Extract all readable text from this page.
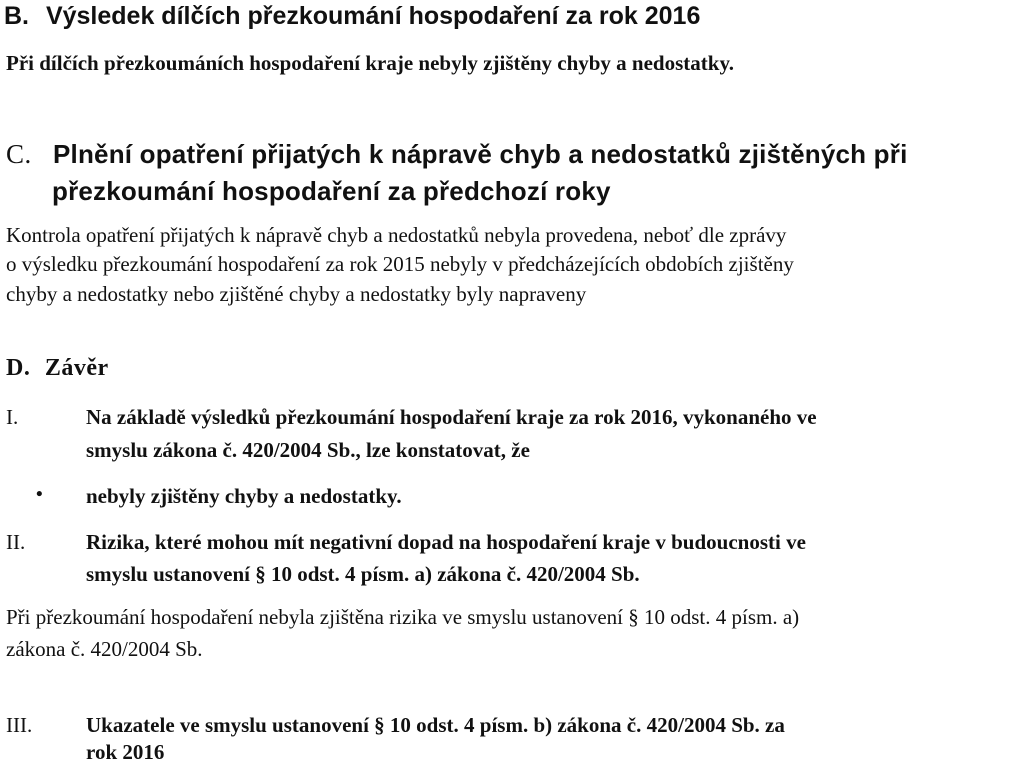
B. Výsledek dílčích přezkoumání hospodaření za rok 2016

Při dílčích přezkoumáních hospodaření kraje nebyly zjištěny chyby a nedostatky.

C. Plnění opatření přijatých k nápravě chyb a nedostatků zjištěných při

přezkoumání hospodaření za předchozí roky

Kontrola opatření přijatých k nápravě chyb a nedostatků nebyla provedena, neboť dle zprávy

o výsledku přezkoumání hospodaření za rok 2015 nebyly v předcházejících obdobích zjištěny

chyby a nedostatky nebo zjištěné chyby a nedostatky byly napraveny

D. Závěr
I.	Na základě výsledků přezkoumání hospodaření kraje za rok 2016, vykonaného ve

smyslu zákona č. 420/2004 Sb., lze konstatovat, že

• nebyly zjištěny chyby a nedostatky.

II.	Rizika, které mohou mít negativní dopad na hospodaření kraje v budoucnosti ve

smyslu ustanovení § 10 odst. 4 písm. a) zákona č. 420/2004 Sb.

Při přezkoumání hospodaření nebyla zjištěna rizika ve smyslu ustanovení § 10 odst. 4 písm. a)

zákona č. 420/2004 Sb.

III.	Ukazatele ve smyslu ustanovení § 10 odst. 4 písm. b) zákona č. 420/2004 Sb. za

rok 2016
